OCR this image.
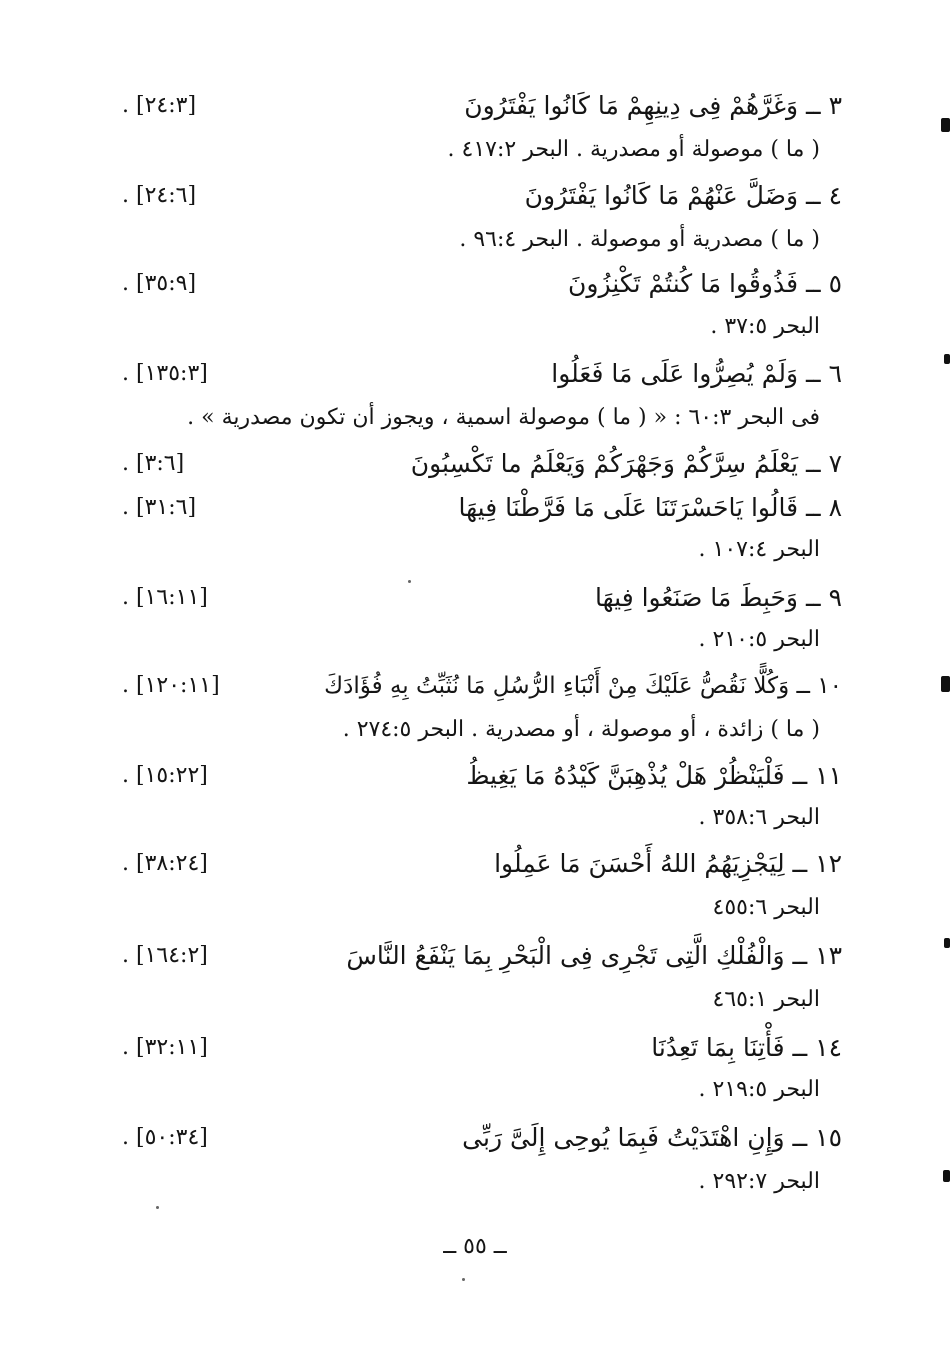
٣ ــ وَغَرَّهُمْ فِى دِينِهِمْ مَا كَانُوا يَفْتَرُونَ
[٢٤:٣] .
( ما ) موصولة أو مصدرية . البحر ٤١٧:٢ .
٤ ــ وَضَلَّ عَنْهُمْ مَا كَانُوا يَفْتَرُونَ
[٢٤:٦] .
( ما ) مصدرية أو موصولة . البحر ٩٦:٤ .
٥ ــ فَذُوقُوا مَا كُنتُمْ تَكْنِزُونَ
[٣٥:٩] .
البحر ٣٧:٥ .
٦ ــ وَلَمْ يُصِرُّوا عَلَى مَا فَعَلُوا
[١٣٥:٣] .
فى البحر ٦٠:٣ : « ( ما ) موصولة اسمية ، ويجوز أن تكون مصدرية » .
٧ ــ يَعْلَمُ سِرَّكُمْ وَجَهْرَكُمْ وَيَعْلَمُ ما تَكْسِبُونَ
[٣:٦] .
٨ ــ قَالُوا يَاحَسْرَتَنَا عَلَى مَا فَرَّطْنَا فِيهَا
[٣١:٦] .
البحر ١٠٧:٤ .
٩ ــ وَحَبِطَ مَا صَنَعُوا فِيهَا
[١٦:١١] .
البحر ٢١٠:٥ .
١٠ ــ وَكُلًّا نَقُصُّ عَلَيْكَ مِنْ أَنْبَاءِ الرُّسُلِ مَا نُثَبِّتُ بِهِ فُؤَادَكَ
[١٢٠:١١] .
( ما ) زائدة ، أو موصولة ، أو مصدرية . البحر ٢٧٤:٥ .
١١ ــ فَلْيَنْظُرْ هَلْ يُذْهِبَنَّ كَيْدُهُ مَا يَغِيظُ
[١٥:٢٢] .
البحر ٣٥٨:٦ .
١٢ ــ لِيَجْزِيَهُمُ اللهُ أَحْسَنَ مَا عَمِلُوا
[٣٨:٢٤] .
البحر ٤٥٥:٦
١٣ ــ وَالْفُلْكِ الَّتِى تَجْرِى فِى الْبَحْرِ بِمَا يَنْفَعُ النَّاسَ
[١٦٤:٢] .
البحر ٤٦٥:١
١٤ ــ فَأْتِنَا بِمَا تَعِدُنَا
[٣٢:١١] .
البحر ٢١٩:٥ .
١٥ ــ وَإِنِ اهْتَدَيْتُ فَبِمَا يُوحِى إِلَىَّ رَبِّى
[٥٠:٣٤] .
البحر ٢٩٢:٧ .
ــ ٥٥ ــ
